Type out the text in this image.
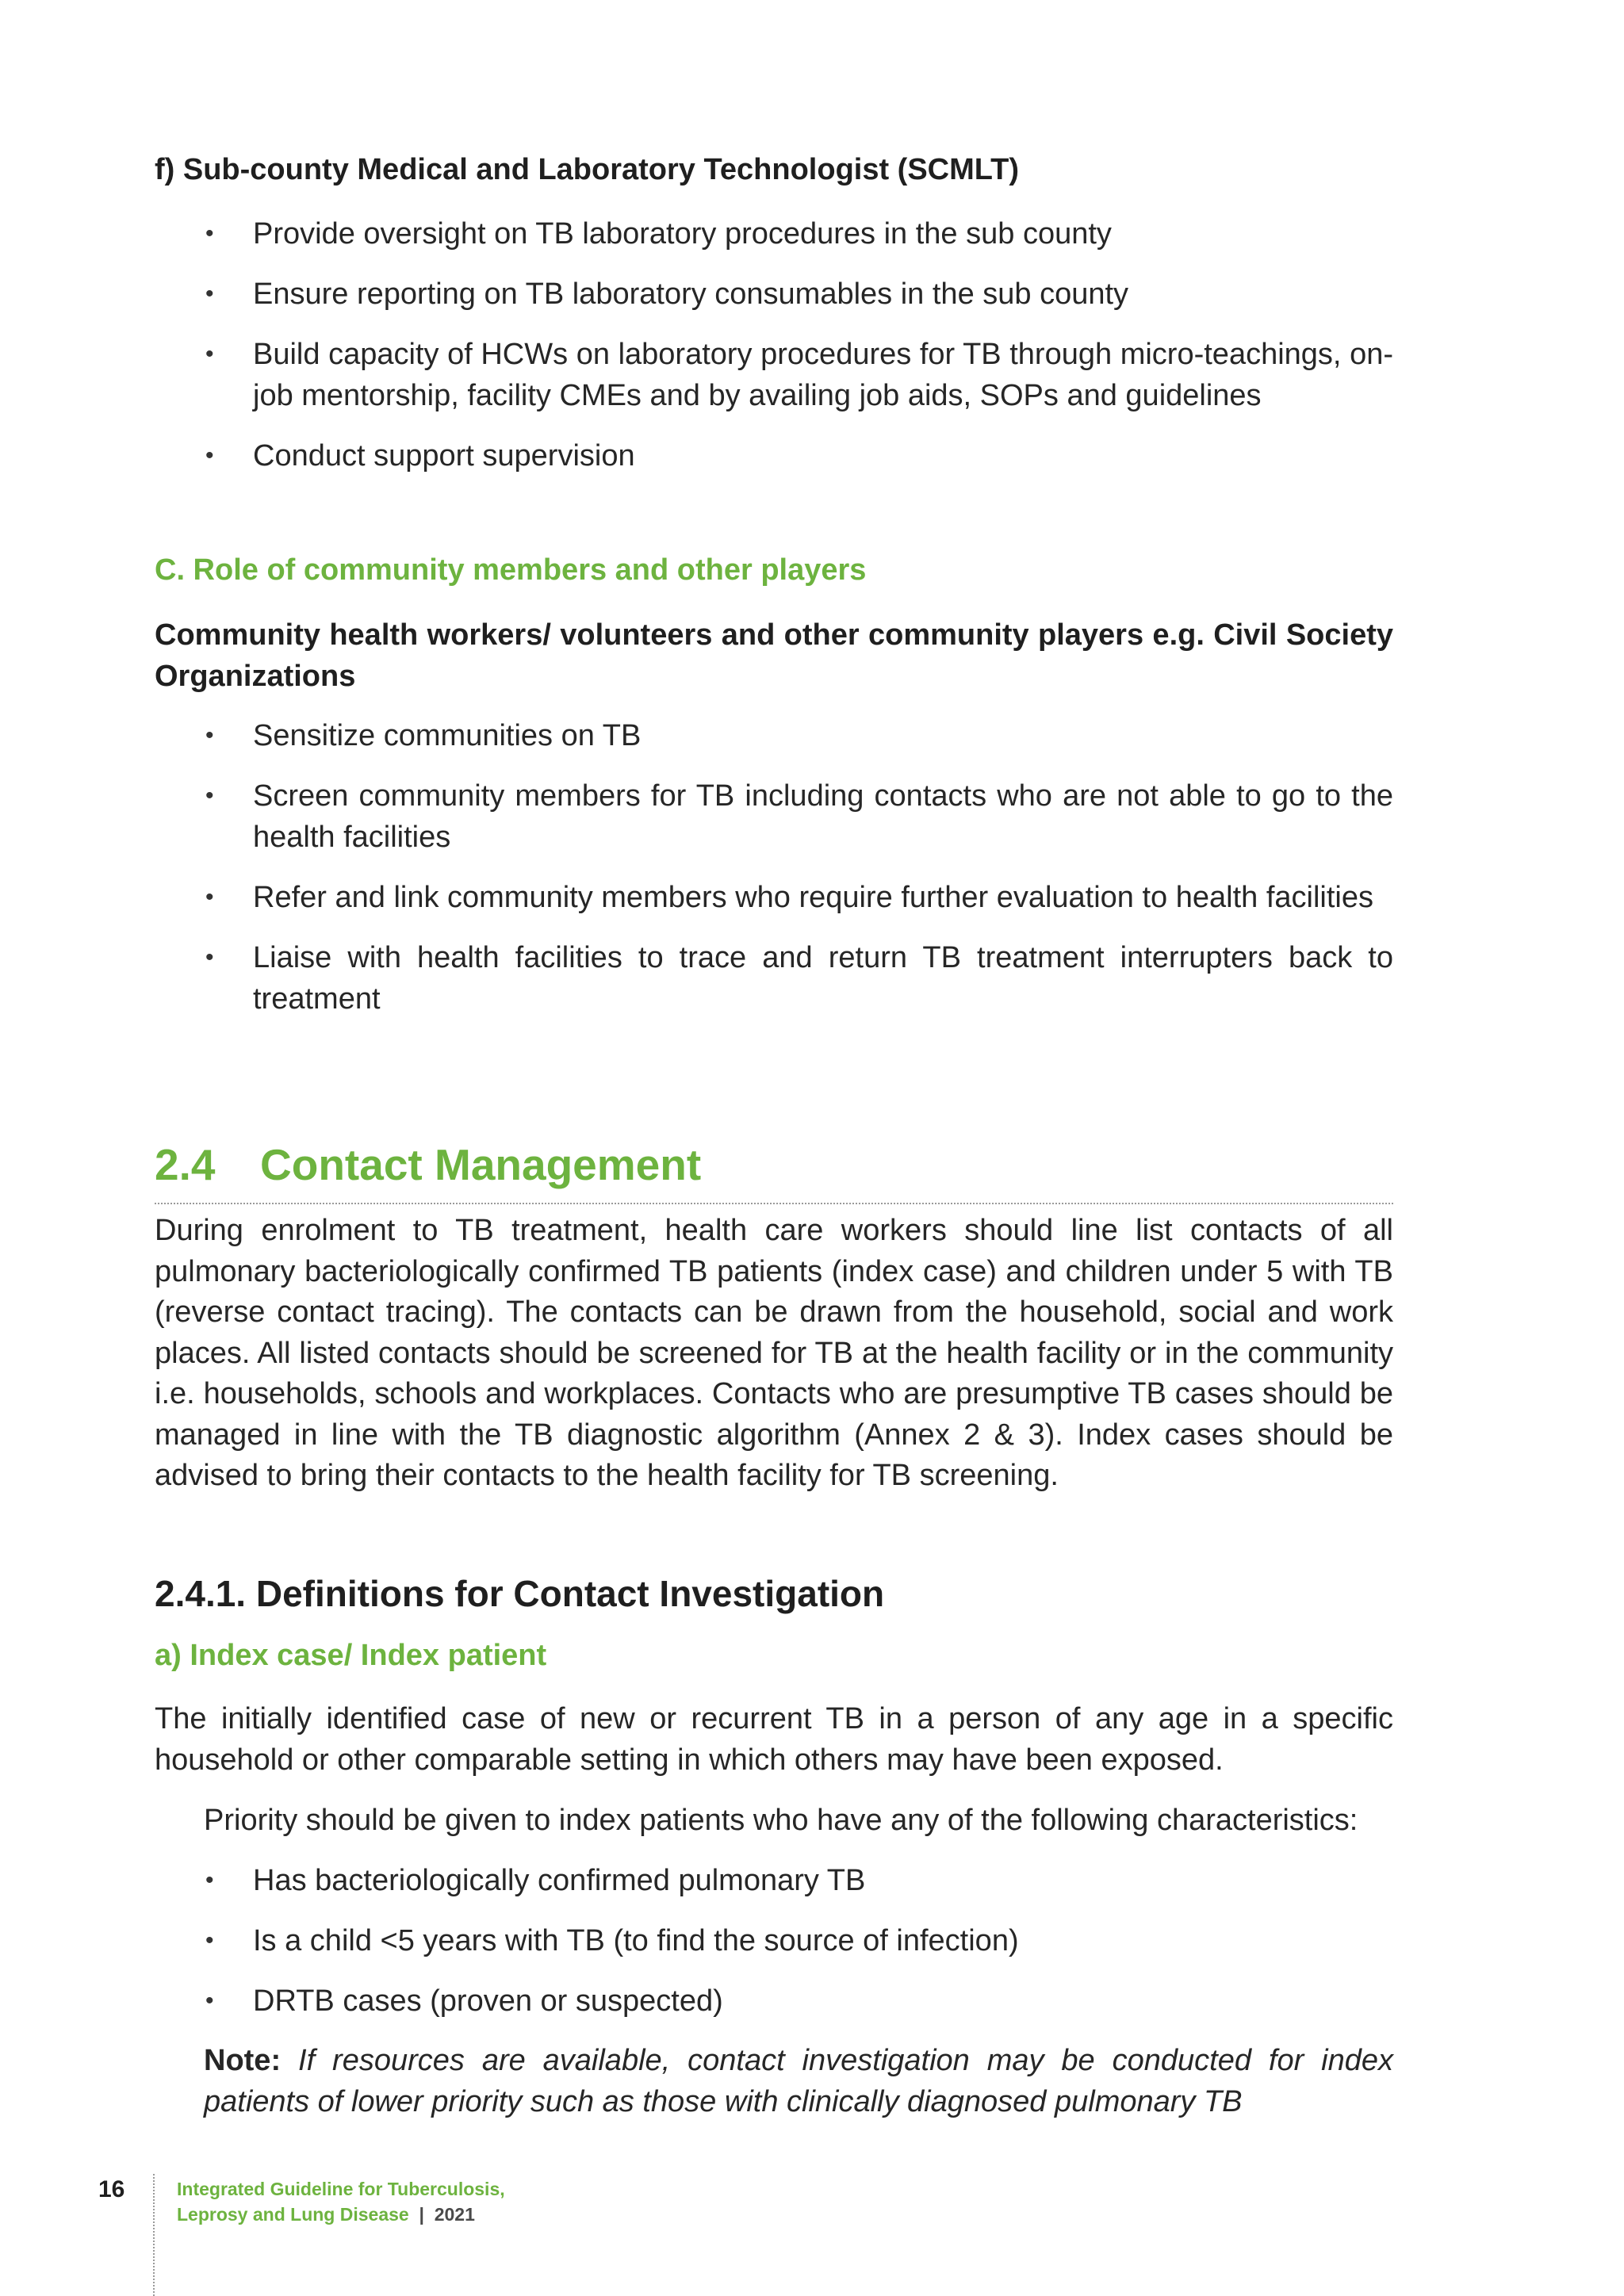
f) Sub-county Medical and Laboratory Technologist (SCMLT)
• Provide oversight on TB laboratory procedures in the sub county
• Ensure reporting on TB laboratory consumables in the sub county
• Build capacity of HCWs on laboratory procedures for TB through micro-teachings, on-job mentorship, facility CMEs and by availing job aids, SOPs and guidelines
• Conduct support supervision
C. Role of community members and other players
Community health workers/ volunteers and other community players e.g. Civil Society Organizations
• Sensitize communities on TB
• Screen community members for TB including contacts who are not able to go to the health facilities
• Refer and link community members who require further evaluation to health facilities
• Liaise with health facilities to trace and return TB treatment interrupters back to treatment
2.4 Contact Management

During enrolment to TB treatment, health care workers should line list contacts of all pulmonary bacteriologically confirmed TB patients (index case) and children under 5 with TB (reverse contact tracing). The contacts can be drawn from the household, social and work places. All listed contacts should be screened for TB at the health facility or in the community i.e. households, schools and workplaces. Contacts who are presumptive TB cases should be managed in line with the TB diagnostic algorithm (Annex 2 & 3). Index cases should be advised to bring their contacts to the health facility for TB screening.

2.4.1. Definitions for Contact Investigation
a) Index case/ Index patient

The initially identified case of new or recurrent TB in a person of any age in a specific household or other comparable setting in which others may have been exposed.

Priority should be given to index patients who have any of the following characteristics:

• Has bacteriologically confirmed pulmonary TB
• Is a child <5 years with TB (to find the source of infection)
• DRTB cases (proven or suspected)

Note: If resources are available, contact investigation may be conducted for index patients of lower priority such as those with clinically diagnosed pulmonary TB

16	Integrated Guideline for Tuberculosis,
Leprosy and Lung Disease | 2021
